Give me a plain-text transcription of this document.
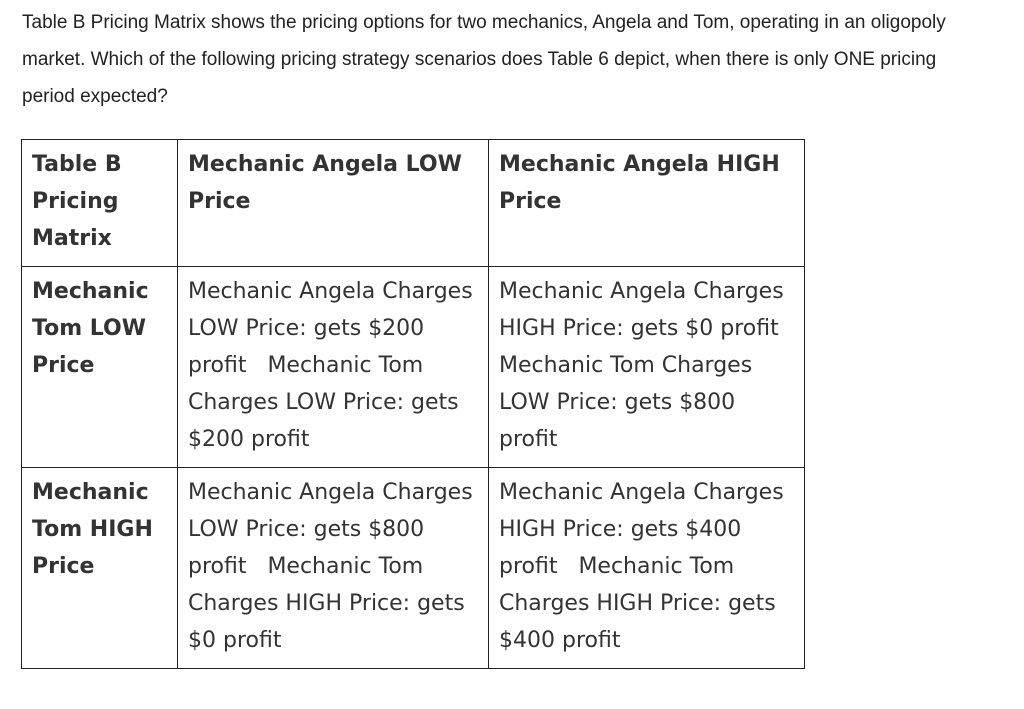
Table B Pricing Matrix shows the pricing options for two mechanics, Angela and Tom, operating in an oligopoly market. Which of the following pricing strategy scenarios does Table 6 depict, when there is only ONE pricing period expected?

Table B Pricing Matrix	Mechanic Angela LOW Price	Mechanic Angela HIGH Price
Mechanic Tom LOW Price	Mechanic Angela Charges LOW Price: gets $200 profit   Mechanic Tom Charges LOW Price: gets $200 profit	Mechanic Angela Charges HIGH Price: gets $0 profit Mechanic Tom Charges LOW Price: gets $800 profit
Mechanic Tom HIGH Price	Mechanic Angela Charges LOW Price: gets $800 profit   Mechanic Tom Charges HIGH Price: gets $0 profit	Mechanic Angela Charges HIGH Price: gets $400 profit   Mechanic Tom Charges HIGH Price: gets $400 profit
